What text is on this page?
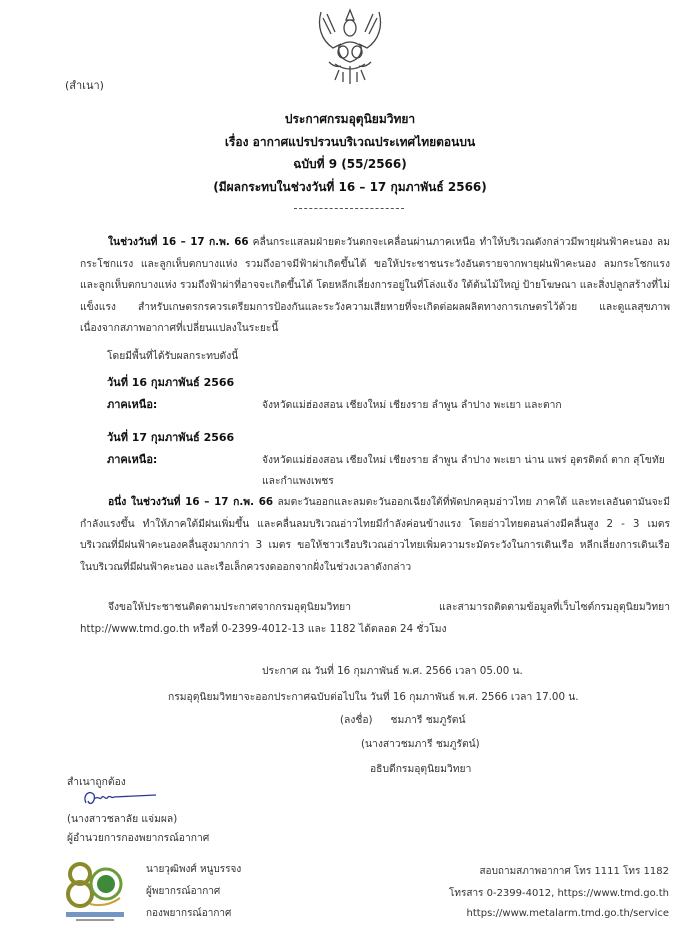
(สำเนา)
ประกาศกรมอุตุนิยมวิทยา
เรื่อง อากาศแปรปรวนบริเวณประเทศไทยตอนบน
ฉบับที่ 9 (55/2566)
(มีผลกระทบในช่วงวันที่ 16 – 17 กุมภาพันธ์ 2566)
ในช่วงวันที่ 16 – 17 ก.พ. 66 คลื่นกระแสลมฝ่ายตะวันตกจะเคลื่อนผ่านภาคเหนือ ทำให้บริเวณดังกล่าวมีพายุฝนฟ้าคะนอง ลมกระโชกแรง และลูกเห็บตกบางแห่ง รวมถึงอาจมีฟ้าผ่าเกิดขึ้นได้ ขอให้ประชาชนระวังอันตรายจากพายุฝนฟ้าคะนอง ลมกระโชกแรง และลูกเห็บตกบางแห่ง รวมถึงฟ้าผ่าที่อาจจะเกิดขึ้นได้ โดยหลีกเลี่ยงการอยู่ในที่โล่งแจ้ง ใต้ต้นไม้ใหญ่ ป้ายโฆษณา และสิ่งปลูกสร้างที่ไม่แข็งแรง สำหรับเกษตรกรควรเตรียมการป้องกันและระวังความเสียหายที่จะเกิดต่อผลผลิตทางการเกษตรไว้ด้วย และดูแลสุขภาพเนื่องจากสภาพอากาศที่เปลี่ยนแปลงในระยะนี้
โดยมีพื้นที่ได้รับผลกระทบดังนี้
วันที่ 16 กุมภาพันธ์ 2566
ภาคเหนือ:	จังหวัดแม่ฮ่องสอน เชียงใหม่ เชียงราย ลำพูน ลำปาง พะเยา และตาก
วันที่ 17 กุมภาพันธ์ 2566
ภาคเหนือ:	จังหวัดแม่ฮ่องสอน เชียงใหม่ เชียงราย ลำพูน ลำปาง พะเยา น่าน แพร่ อุตรดิตถ์ ตาก สุโขทัย และกำแพงเพชร
อนึ่ง ในช่วงวันที่ 16 – 17 ก.พ. 66 ลมตะวันออกและลมตะวันออกเฉียงใต้ที่พัดปกคลุมอ่าวไทย ภาคใต้ และทะเลอันดามันจะมีกำลังแรงขึ้น ทำให้ภาคใต้มีฝนเพิ่มขึ้น และคลื่นลมบริเวณอ่าวไทยมีกำลังค่อนข้างแรง โดยอ่าวไทยตอนล่างมีคลื่นสูง 2 - 3 เมตร บริเวณที่มีฝนฟ้าคะนองคลื่นสูงมากกว่า 3 เมตร ขอให้ชาวเรือบริเวณอ่าวไทยเพิ่มความระมัดระวังในการเดินเรือ หลีกเลี่ยงการเดินเรือในบริเวณที่มีฝนฟ้าคะนอง และเรือเล็กควรงดออกจากฝั่งในช่วงเวลาดังกล่าว
จึงขอให้ประชาชนติดตามประกาศจากกรมอุตุนิยมวิทยา และสามารถติดตามข้อมูลที่เว็บไซต์กรมอุตุนิยมวิทยา http://www.tmd.go.th หรือที่ 0-2399-4012-13 และ 1182 ได้ตลอด 24 ชั่วโมง
ประกาศ ณ วันที่ 16 กุมภาพันธ์ พ.ศ. 2566 เวลา 05.00 น.
กรมอุตุนิยมวิทยาจะออกประกาศฉบับต่อไปใน วันที่ 16 กุมภาพันธ์ พ.ศ. 2566 เวลา 17.00 น.
(ลงชื่อ) ชมภารี ชมภูรัตน์
(นางสาวชมภารี ชมภูรัตน์)
อธิบดีกรมอุตุนิยมวิทยา
สำเนาถูกต้อง
(นางสาวชลาลัย แจ่มผล)
ผู้อำนวยการกองพยากรณ์อากาศ
นายวุฒิพงศ์ หนูบรรจง
ผู้พยากรณ์อากาศ
กองพยากรณ์อากาศ
สอบถามสภาพอากาศ โทร 1111 โทร 1182
โทรสาร 0-2399-4012, https://www.tmd.go.th
https://www.metalarm.tmd.go.th/service
